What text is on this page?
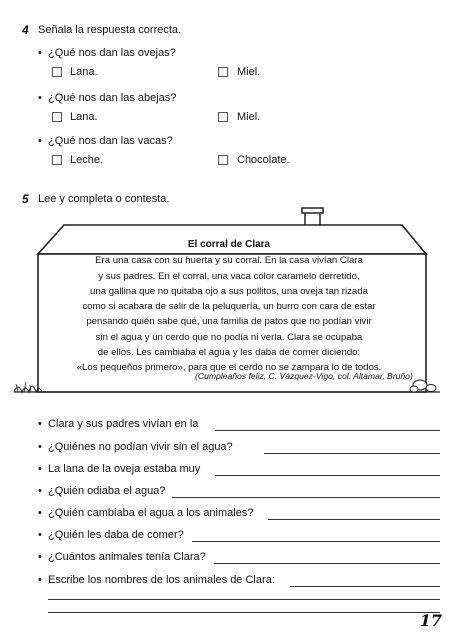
4 Señala la respuesta correcta.
• ¿Qué nos dan las ovejas?
Lana.	Miel.
• ¿Qué nos dan las abejas?
Lana.	Miel.
• ¿Qué nos dan las vacas?
Leche.	Chocolate.
5 Lee y completa o contesta.
El corral de Clara
Era una casa con su huerta y su corral. En la casa vivían Clara
y sus padres. En el corral, una vaca color caramelo derretido,
una gallina que no quitaba ojo a sus pollitos, una oveja tan rizada
como si acabara de salir de la peluquería, un burro con cara de estar
pensando quién sabe qué, una familia de patos que no podían vivir
sin el agua y un cerdo que no podía ni verla. Clara se ocupaba
de ellos. Les cambiaba el agua y les daba de comer diciendo:
«Los pequeños primero», para que el cerdo no se zampara lo de todos.
(Cumpleaños feliz, C. Vázquez-Vigo, col. Altamar, Bruño)
• Clara y sus padres vivían en la
• ¿Quiénes no podían vivir sin el agua?
• La lana de la oveja estaba muy
• ¿Quién odiaba el agua?
• ¿Quién cambiaba el agua a los animales?
• ¿Quién les daba de comer?
• ¿Cuántos animales tenía Clara?
• Escribe los nombres de los animales de Clara:
17
